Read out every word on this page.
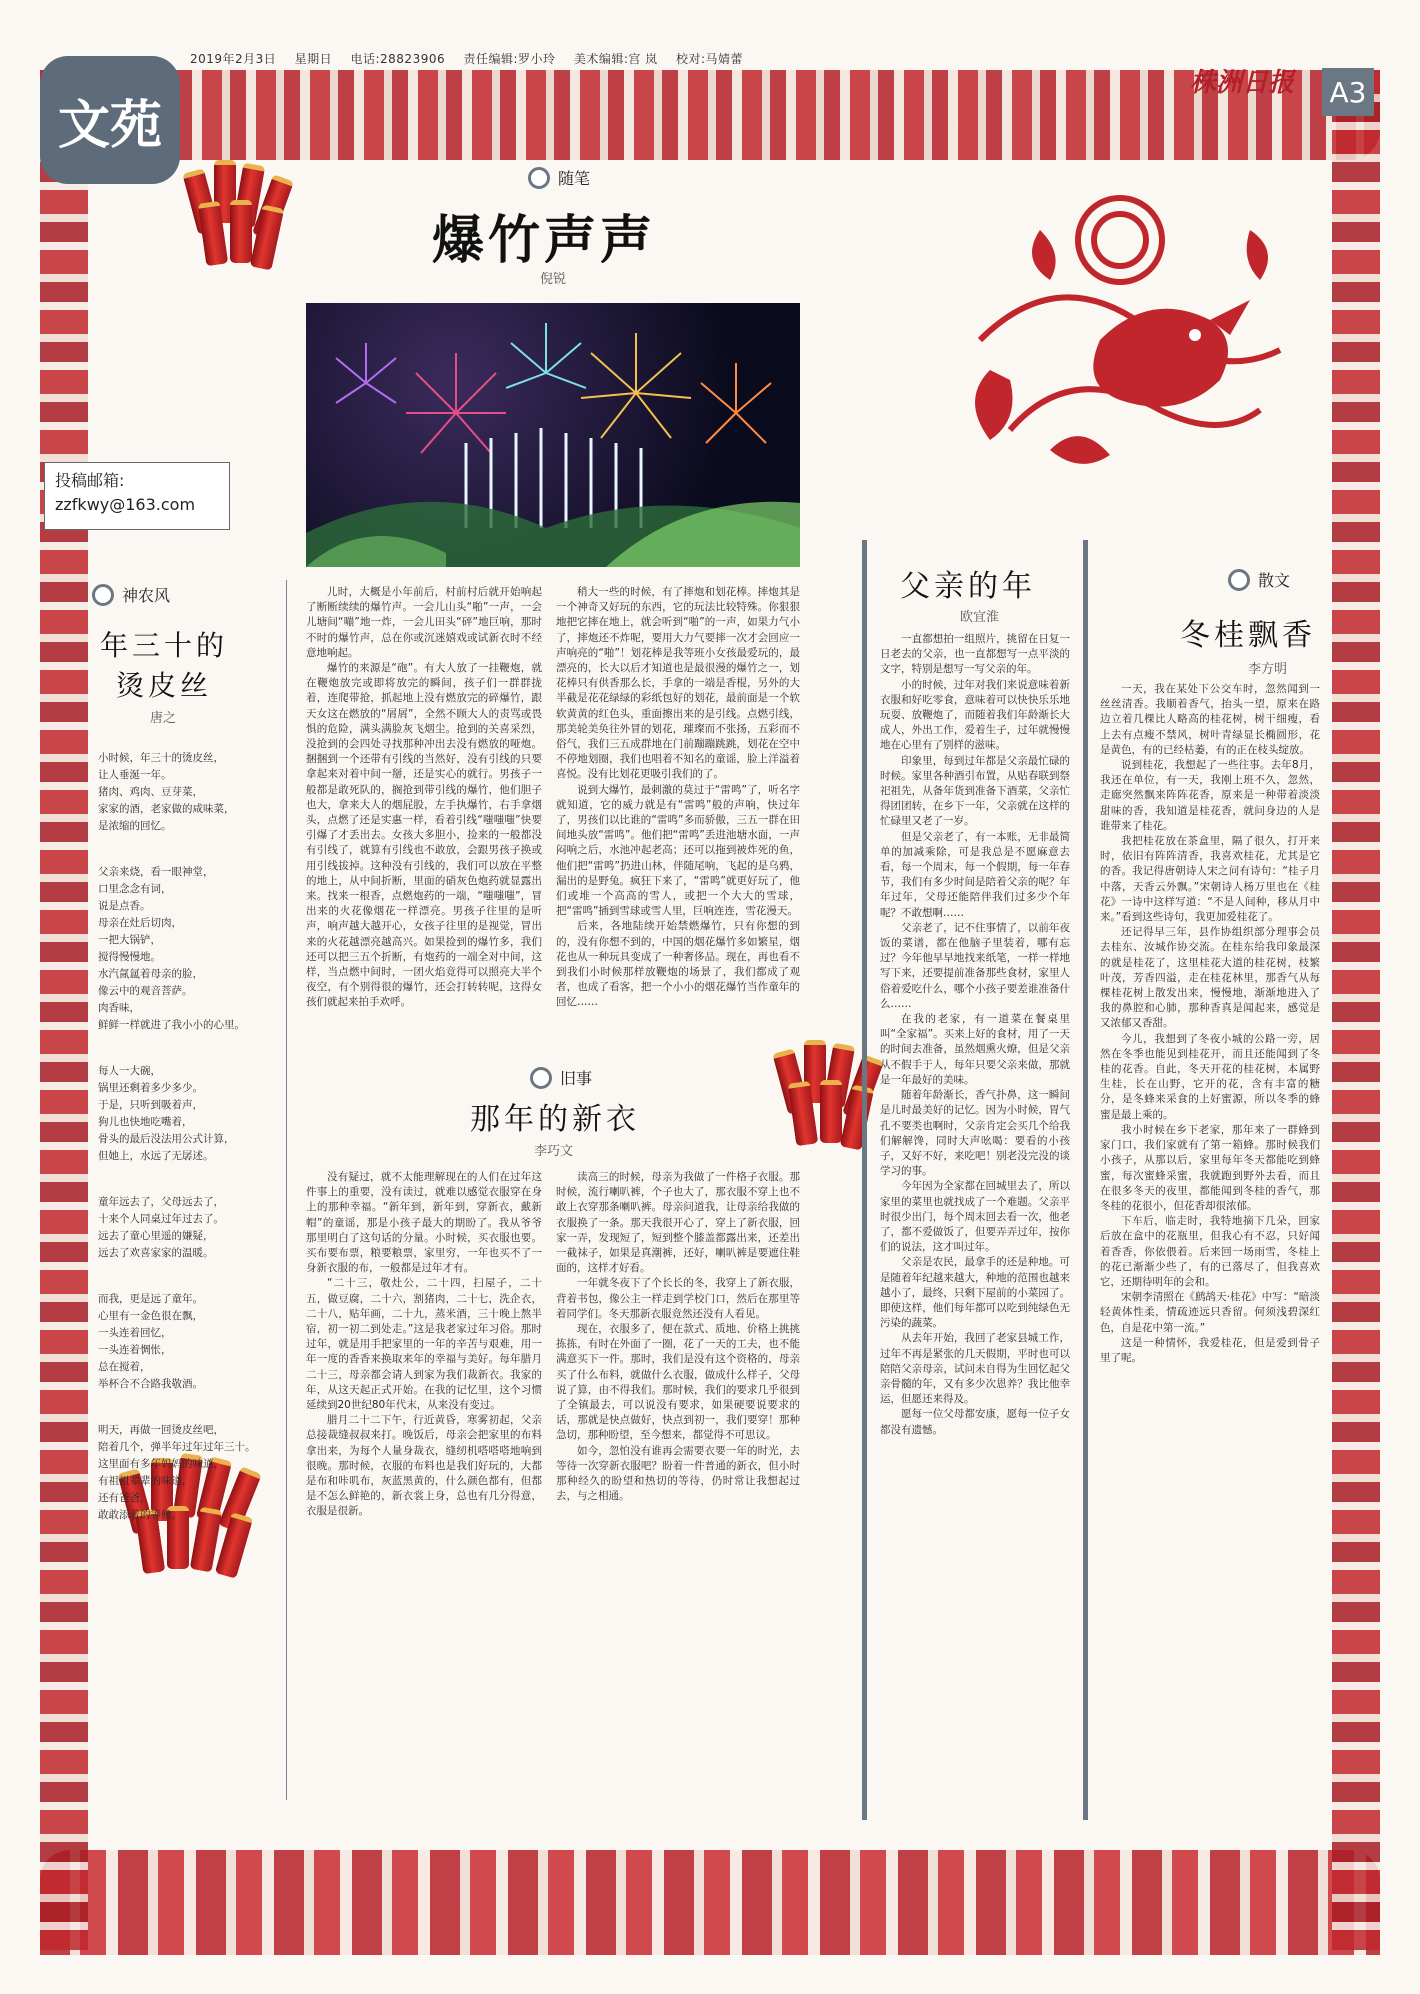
2019年2月3日 星期日 电话:28823906 责任编辑:罗小玲 美术编辑:宫 岚 校对:马婧蕾
文苑
株洲日报 A3
投稿邮箱:
zzfkwy@163.com
随笔
爆竹声声
倪锐

儿时，大概是小年前后，村前村后就开始响起了断断续续的爆竹声。一会儿山头“啪”一声，一会儿塘间“嘣”地一炸，一会儿田头“砰”地巨响，那时不时的爆竹声，总在你或沉迷嬉戏或试新衣时不经意地响起。

爆竹的来源是“砲”。有大人放了一挂鞭炮，就在鞭炮放完或即将放完的瞬间，孩子们一群群拢着，连爬带抢，抓起地上没有燃放完的碎爆竹，跟天女这在燃放的“屑屑”，全然不顾大人的责骂或畏惧的危险，满头满脸灰飞烟尘。抢到的关喜采烈，没抢到的会四处寻找那种冲出去没有燃放的哑炮。捆捆到一个还带有引线的当然好，没有引线的只要拿起来对着中间一掰，还是实心的就行。男孩子一般都是敢死队的，搁抢到带引线的爆竹，他们胆子也大，拿来大人的烟屁股，左手执爆竹，右手拿烟头，点燃了还是实惠一样，看着引线“嗤嗤嗤”快要引爆了才丢出去。女孩大多胆小，捡来的一般都没有引线了，就算有引线也不敢放，会跟男孩子换或用引线拔掉。这种没有引线的，我们可以放在平整的地上，从中间折断，里面的硝灰色炮药就显露出来。找来一根香，点燃炮药的一端，“嗤嗤嗤”，冒出来的火花像烟花一样漂亮。男孩子往里的是听声，响声越大越开心，女孩子往里的是视觉，冒出来的火花越漂亮越高兴。如果捡到的爆竹多，我们还可以把三五个折断，有炮药的一端全对中间，这样，当点燃中间时，一团火焰竟得可以照亮大半个夜空，有个别得很的爆竹，还会打转转呢，这得女孩们就起来拍手欢呼。

稍大一些的时候，有了摔炮和划花棒。摔炮其是一个神奇又好玩的东西，它的玩法比较特殊。你狠狠地把它摔在地上，就会听到“啪”的一声，如果力气小了，摔炮还不炸呢，要用大力气要摔一次才会回应一声响亮的“啪”！划花棒是我等班小女孩最爱玩的，最漂亮的，长大以后才知道也是最很漫的爆竹之一，划花棒只有供香那么长，手拿的一端是香棍，另外的大半截是花花绿绿的彩纸包好的划花，最前面是一个软软黄黄的红色头，重面擦出来的是引线。点燃引线，那美轮美奂往外冒的划花，璀璨而不张扬，五彩而不俗气，我们三五成群地在门前蹦蹦跳跳，划花在空中不停地划圈，我们也唱着不知名的童谣，脸上洋溢着喜悦。没有比划花更吸引我们的了。

说到大爆竹，最刺激的莫过于“雷鸣”了，听名字就知道，它的威力就是有“雷鸣”般的声响，快过年了，男孩们以比谁的“雷鸣”多而骄傲，三五一群在田间地头放“雷鸣”。他们把“雷鸣”丢进池塘水面，一声闷响之后，水池冲起老高；还可以拖到被炸死的鱼，他们把“雷鸣”扔进山林，伴随尾响，飞起的是乌鸦，漏出的是野兔。疯狂下来了，“雷鸣”就更好玩了，他们或堆一个高高的雪人，或把一个大大的雪球，把“雷鸣”插到雪球或雪人里，巨响连连，雪花漫天。

后来，各地陆续开始禁燃爆竹，只有你想的到的，没有你想不到的，中国的烟花爆竹多如繁星，烟花也从一种玩具变成了一种奢侈品。现在，再也看不到我们小时候那样放鞭炮的场景了，我们都成了观者，也成了看客，把一个小小的烟花爆竹当作童年的回忆……

神农风
年三十的
烫皮丝
唐之

小时候，年三十的烫皮丝，
让人垂涎一年。
猪肉、鸡肉、豆芽菜，
家家的酒，老家做的咸味菜，
是浓缩的回忆。

父亲来烧，看一眼神堂，
口里念念有词，
说是点香。
母亲在灶后切肉，
一把大锅铲，
搅得慢慢地。
水汽氤氲着母亲的脸，
像云中的观音菩萨。
肉香味，
鲜鲜一样就进了我小小的心里。

每人一大碗，
锅里还剩着多少多少。
于是，只听到吸着声，
狗儿也快地吃嘴着，
骨头的最后没法用公式计算，
但她上，水远了无孱述。

童年远去了，父母远去了，
十来个人同桌过年过去了。
远去了童心里遥的嫌疑，
远去了欢喜家家的温暖。

而我，更是远了童年。
心里有一金色很在飘，
一头连着回忆，
一头连着惆怅，
总在搅着，
举杯合不合路我敬酒。

明天，再做一回烫皮丝吧，
陪着几个，弹半年过年过年三十。
这里面有多年妈妈的味道，
有祖祖辈辈的味道，
还有爸爸，
敢敢添着的等候。

旧事
那年的新衣
李巧文

没有疑过，就不太能理解现在的人们在过年这件事上的重要，没有读过，就难以感觉衣服穿在身上的那种幸福。“新年到，新年到，穿新衣，戴新帽”的童谣，那是小孩子最大的期盼了。我从爷爷那里明白了这句话的分量。小时候，买衣服也要。买布要布票，粮要粮票，家里穷，一年也买不了一身新衣服的布，一般都是过年才有。

“二十三，敬灶公，二十四，扫屋子，二十五，做豆腐，二十六，割猪肉，二十七，洗企衣，二十八，贴年画，二十九，蒸米酒，三十晚上熬半宿，初一初二到处走。”这是我老家过年习俗。那时过年，就是用手把家里的一年的辛苦与艰难，用一年一度的香香来换取来年的幸福与美好。每年腊月二十三，母亲都会请人到家为我们裁新衣。我家的年，从这天起正式开始。在我的记忆里，这个习惯延续到20世纪80年代末，从来没有变过。

腊月二十二下午，行近黄昏，寒雾初起，父亲总接裁缝叔叔来打。晚饭后，母亲会把家里的布料拿出来，为每个人量身裁衣，缝纫机嗒嗒嗒地响到很晚。那时候，衣服的布料也是我们好玩的，大都是布和咔叽布，灰蓝黑黄的，什么颜色都有，但都是不怎么鲜艳的，新衣裳上身，总也有几分得意，衣服是很新。

读高三的时候，母亲为我做了一件格子衣服。那时候，流行喇叭裤，个子也大了，那衣服不穿上也不敢上衣穿那条喇叭裤。母亲问道我，让母亲给我做的衣服换了一条。那天我很开心了，穿上了新衣服，回家一弄，发现短了，短到整个膝盖都露出来，还差出一截袜子，如果是真潮裤，还好，喇叭裤是要遮住鞋面的，这样才好看。

一年就冬夜下了个长长的冬，我穿上了新衣服，背着书包，像公主一样走到学校门口，然后在那里等着同学们。冬天那新衣服竟然还没有人看见。

现在，衣服多了，便在款式、质地、价格上挑挑拣拣，有时在外面了一圈，花了一天的工夫，也不能满意买下一件。那时，我们是没有这个资格的，母亲买了什么布料，就做什么衣服，做成什么样子，父母说了算，由不得我们。那时候，我们的要求几乎很到了全镇最去，可以说没有要求，如果硬要说要求的话，那就是快点做好，快点到初一，我们要穿！那种急切，那种盼望，至今想来，都觉得不可思议。

如今，忽怕没有谁再会需要衣要一年的时光，去等待一次穿新衣服吧？盼着一件普通的新衣，但小时那种经久的盼望和热切的等待，仍时常让我想起过去，与之相通。

父亲的年
欧宜淮

一直都想拍一组照片，挑留在日复一日老去的父亲，也一直都想写一点平淡的文字，特别是想写一写父亲的年。

小的时候，过年对我们来说意味着新衣服和好吃零食，意味着可以快快乐乐地玩耍、放鞭炮了，而随着我们年龄渐长大成人，外出工作，爱着生子，过年就慢慢地在心里有了别样的滋味。

印象里，每到过年都是父亲最忙碌的时候。家里各种酒引布置，从贴春联到祭祀祖先，从备年货到准备下酒菜，父亲忙得团团转，在乡下一年，父亲就在这样的忙碌里又老了一岁。

但是父亲老了，有一本账，无非最简单的加减乘除，可是我总是不愿麻意去看，每一个周末，每一个假期，每一年春节，我们有多少时间是陪着父亲的呢？年年过年，父母还能陪伴我们过多少个年呢？不敢想啊……

父亲老了，记不住事情了，以前年夜饭的菜谱，都在他脑子里装着，哪有忘过？今年他早早地找来纸笔，一样一样地写下来，还要提前准备那些食材，家里人俗着爱吃什么，哪个小孩子要差谁准备什么……

在我的老家，有一道菜在餐桌里叫“全家福”。买来上好的食材，用了一天的时间去准备，虽然烟熏火燎，但是父亲从不假手于人，每年只要父亲来做，那就是一年最好的美味。

随着年龄渐长，香气扑鼻，这一瞬间是儿时最美好的记忆。因为小时候，胃气孔不要类也啊时，父亲肯定会买几个给我们解解馋，同时大声吆喝：要看的小孩子，又好不好，来吃吧！别老没完没的谈学习的事。

今年因为全家都在回城里去了，所以家里的菜里也就找成了一个难题。父亲平时很少出门，每个周末回去看一次，他老了，都不爱做饭了，但要弄弄过年，按你们的说法，这才叫过年。

父亲是农民，最拿手的还是种地。可是随着年纪越来越大，种地的范围也越来越小了，最终，只剩下屋前的小菜园了。即使这样，他们每年都可以吃到纯绿色无污染的蔬菜。

从去年开始，我回了老家县城工作，过年不再是紧张的几天假期，平时也可以陪陪父亲母亲，试问未自得为生回忆起父亲骨髓的年，又有多少次恩养？我比他幸运，但愿还来得及。

愿每一位父母都安康，愿每一位子女都没有遗憾。

散文
冬桂飘香
李方明

一天，我在某处下公交车时，忽然闻到一丝丝清香。我顺着香气，抬头一望，原来在路边立着几棵比人略高的桂花树，树干细瘦，看上去有点瘦不禁风，树叶青绿显长椭圆形，花是黄色，有的已经枯萎，有的正在枝头绽放。

说到桂花，我想起了一些往事。去年8月，我还在单位，有一天，我刚上班不久，忽然，走廊突然飘来阵阵花香，原来是一种带着淡淡甜味的香，我知道是桂花香，就问身边的人是谁带来了桂花。

我把桂花放在茶盒里，隔了很久，打开来时，依旧有阵阵清香，我喜欢桂花，尤其是它的香。我记得唐朝诗人宋之问有诗句：“桂子月中落，天香云外飘。”宋朝诗人杨万里也在《桂花》一诗中这样写道：“不是人间种，移从月中来。”看到这些诗句，我更加爱桂花了。

还记得早三年，县作协组织部分理事会员去桂东、汝城作协交流。在桂东给我印象最深的就是桂花了，这里桂花大道的桂花树，枝繁叶茂，芳香四溢，走在桂花林里，那香气从每棵桂花树上散发出来，慢慢地，渐渐地进入了我的鼻腔和心肺，那种香真是闻起来，感觉是又浓郁又香甜。

今儿，我想到了冬夜小城的公路一旁，居然在冬季也能见到桂花开，而且还能闻到了冬桂的花香。自此，冬天开花的桂花树，本属野生桂，长在山野，它开的花，含有丰富的糖分，是冬蜂来采食的上好蜜源，所以冬季的蜂蜜是最上乘的。

我小时候在乡下老家，那年来了一群蜂到家门口，我们家就有了第一箱蜂。那时候我们小孩子，从那以后，家里每年冬天都能吃到蜂蜜，每次蜜蜂采蜜，我就跑到野外去看，而且在很多冬天的夜里，都能闻到冬桂的香气，那冬桂的花很小，但花香却很浓郁。

下车后，临走时，我特地摘下几朵，回家后放在盒中的花瓶里，但我心有不忍，只好闻着香香，你依偎着。后来回一场雨雪，冬桂上的花已渐渐少些了，有的已落尽了，但我喜欢它，还期待明年的会和。

宋朝李清照在《鹧鸪天·桂花》中写：“暗淡轻黄体性柔，情疏迹远只香留。何须浅碧深红色，自是花中第一流。”

这是一种情怀，我爱桂花，但是爱到骨子里了呢。
